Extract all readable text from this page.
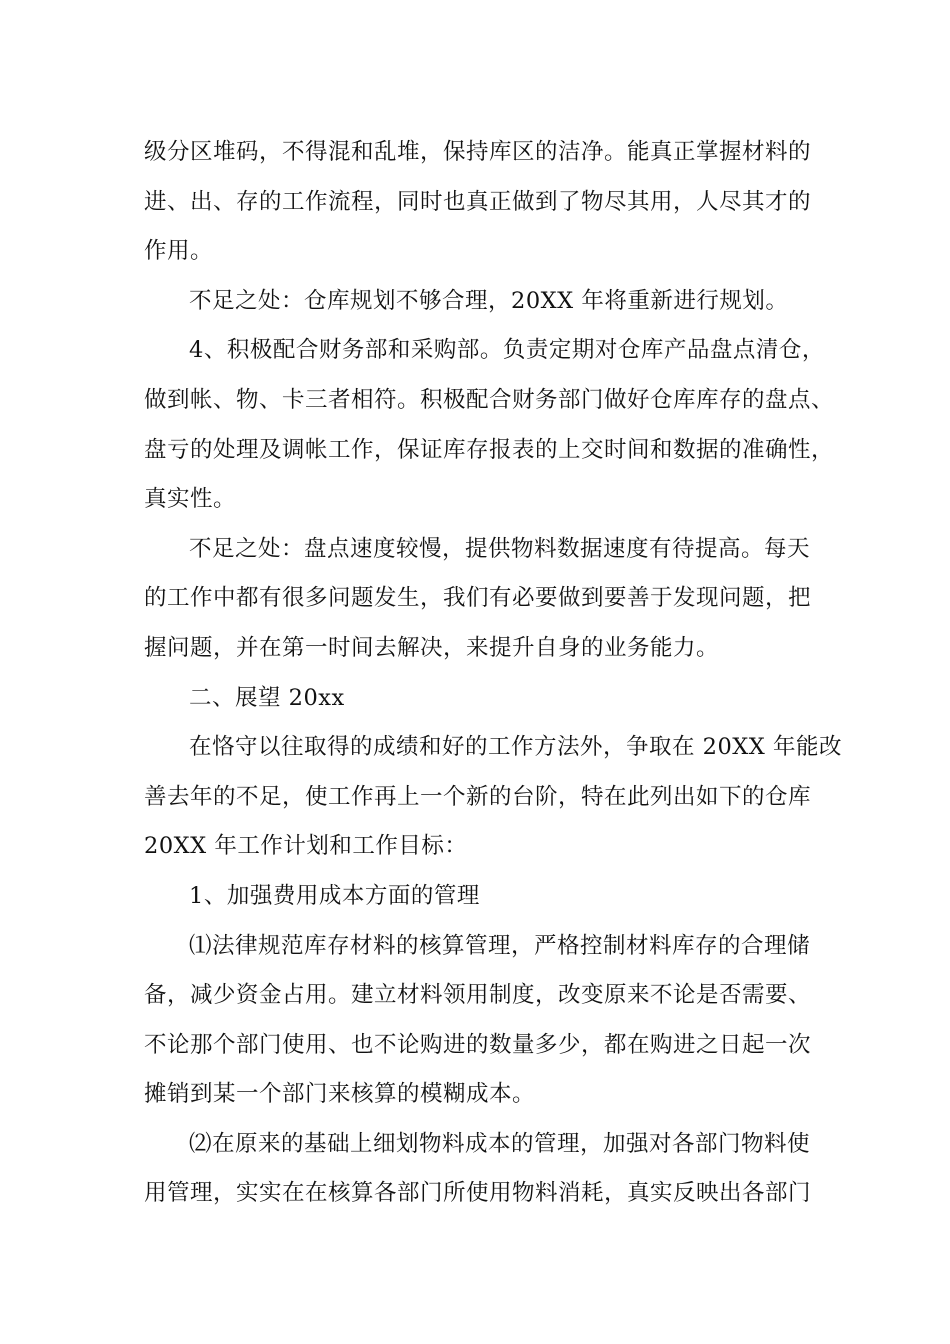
级分区堆码，不得混和乱堆，保持库区的洁净。能真正掌握材料的
进、出、存的工作流程，同时也真正做到了物尽其用，人尽其才的
作用。
不足之处：仓库规划不够合理，20XX 年将重新进行规划。
4、积极配合财务部和采购部。负责定期对仓库产品盘点清仓，
做到帐、物、卡三者相符。积极配合财务部门做好仓库库存的盘点、
盘亏的处理及调帐工作，保证库存报表的上交时间和数据的准确性，
真实性。
不足之处：盘点速度较慢，提供物料数据速度有待提高。每天
的工作中都有很多问题发生，我们有必要做到要善于发现问题，把
握问题，并在第一时间去解决，来提升自身的业务能力。
二、展望 20xx
在恪守以往取得的成绩和好的工作方法外，争取在 20XX 年能改
善去年的不足，使工作再上一个新的台阶，特在此列出如下的仓库
20XX 年工作计划和工作目标：
1、加强费用成本方面的管理
⑴法律规范库存材料的核算管理，严格控制材料库存的合理储
备，减少资金占用。建立材料领用制度，改变原来不论是否需要、
不论那个部门使用、也不论购进的数量多少，都在购进之日起一次
摊销到某一个部门来核算的模糊成本。
⑵在原来的基础上细划物料成本的管理，加强对各部门物料使
用管理，实实在在核算各部门所使用物料消耗，真实反映出各部门
